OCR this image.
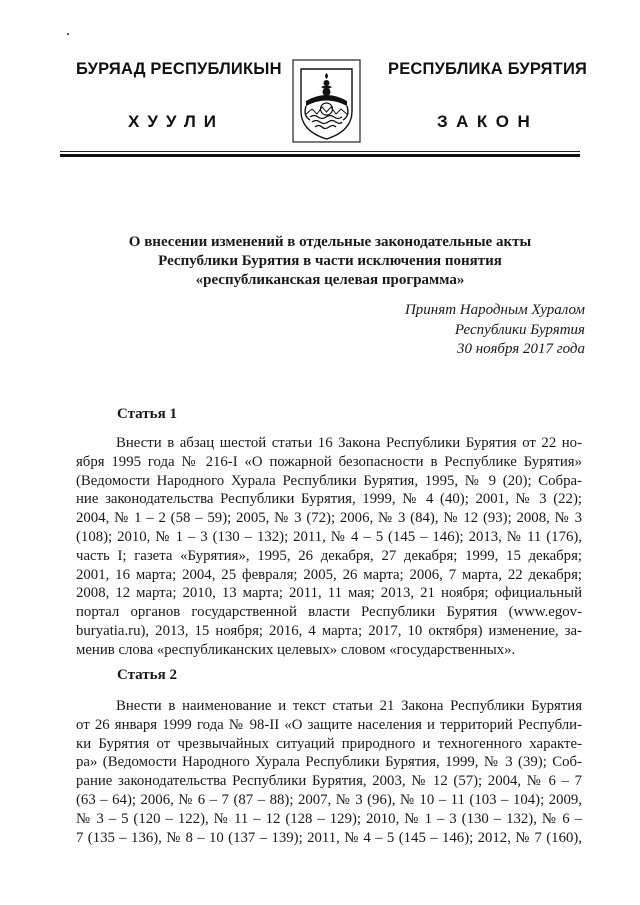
БУРЯАД РЕСПУБЛИКЫН	РЕСПУБЛИКА БУРЯТИЯ
ХУУЛИ	ЗАКОН
О внесении изменений в отдельные законодательные акты
Республики Бурятия в части исключения понятия
«республиканская целевая программа»
Принят Народным Хуралом
Республики Бурятия
30 ноября 2017 года
Статья 1
Внести в абзац шестой статьи 16 Закона Республики Бурятия от 22 но-
ября 1995 года № 216-I «О пожарной безопасности в Республике Бурятия»
(Ведомости Народного Хурала Республики Бурятия, 1995, № 9 (20); Собра-
ние законодательства Республики Бурятия, 1999, № 4 (40); 2001, № 3 (22);
2004, № 1 – 2 (58 – 59); 2005, № 3 (72); 2006, № 3 (84), № 12 (93); 2008, № 3
(108); 2010, № 1 – 3 (130 – 132); 2011, № 4 – 5 (145 – 146); 2013, № 11 (176),
часть I; газета «Бурятия», 1995, 26 декабря, 27 декабря; 1999, 15 декабря;
2001, 16 марта; 2004, 25 февраля; 2005, 26 марта; 2006, 7 марта, 22 декабря;
2008, 12 марта; 2010, 13 марта; 2011, 11 мая; 2013, 21 ноября; официальный
портал органов государственной власти Республики Бурятия (www.egov-
buryatia.ru), 2013, 15 ноября; 2016, 4 марта; 2017, 10 октября) изменение, за-
менив слова «республиканских целевых» словом «государственных».
Статья 2
Внести в наименование и текст статьи 21 Закона Республики Бурятия
от 26 января 1999 года № 98-II «О защите населения и территорий Республи-
ки Бурятия от чрезвычайных ситуаций природного и техногенного характе-
ра» (Ведомости Народного Хурала Республики Бурятия, 1999, № 3 (39); Соб-
рание законодательства Республики Бурятия, 2003, № 12 (57); 2004, № 6 – 7
(63 – 64); 2006, № 6 – 7 (87 – 88); 2007, № 3 (96), № 10 – 11 (103 – 104); 2009,
№ 3 – 5 (120 – 122), № 11 – 12 (128 – 129); 2010, № 1 – 3 (130 – 132), № 6 –
7 (135 – 136), № 8 – 10 (137 – 139); 2011, № 4 – 5 (145 – 146); 2012, № 7 (160),
